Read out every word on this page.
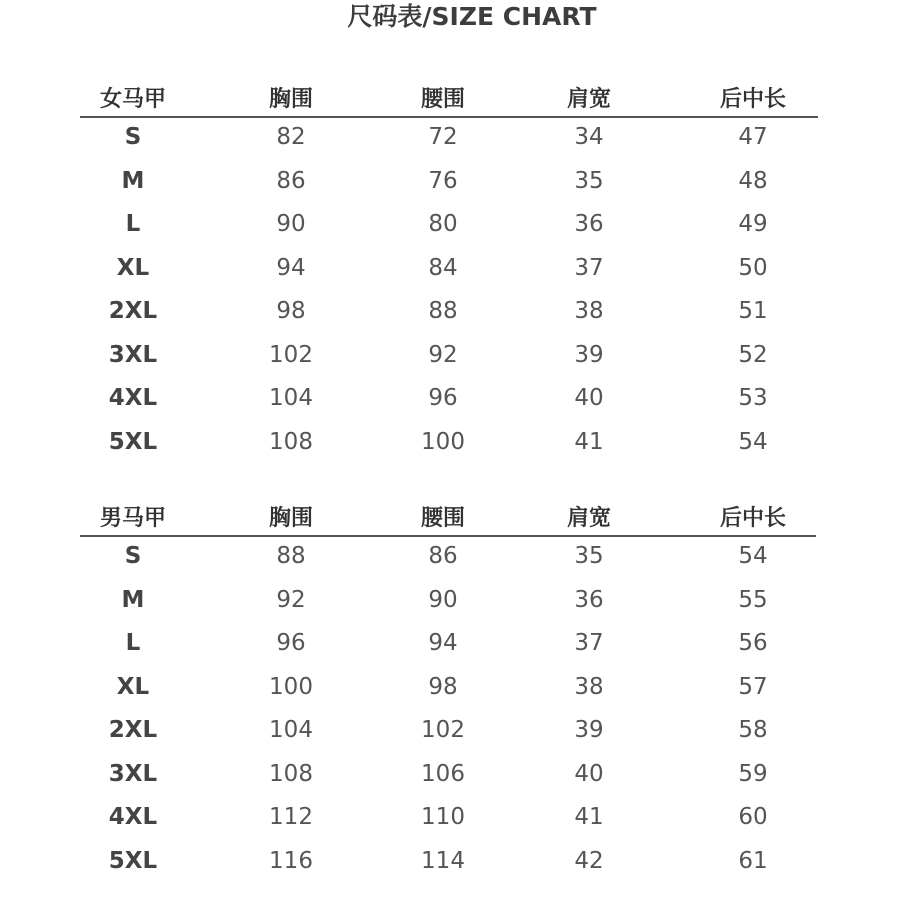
尺码表/SIZE CHART
女马甲	胸围	腰围	肩宽	后中长
S	82	72	34	47
M	86	76	35	48
L	90	80	36	49
XL	94	84	37	50
2XL	98	88	38	51
3XL	102	92	39	52
4XL	104	96	40	53
5XL	108	100	41	54
男马甲	胸围	腰围	肩宽	后中长
S	88	86	35	54
M	92	90	36	55
L	96	94	37	56
XL	100	98	38	57
2XL	104	102	39	58
3XL	108	106	40	59
4XL	112	110	41	60
5XL	116	114	42	61
